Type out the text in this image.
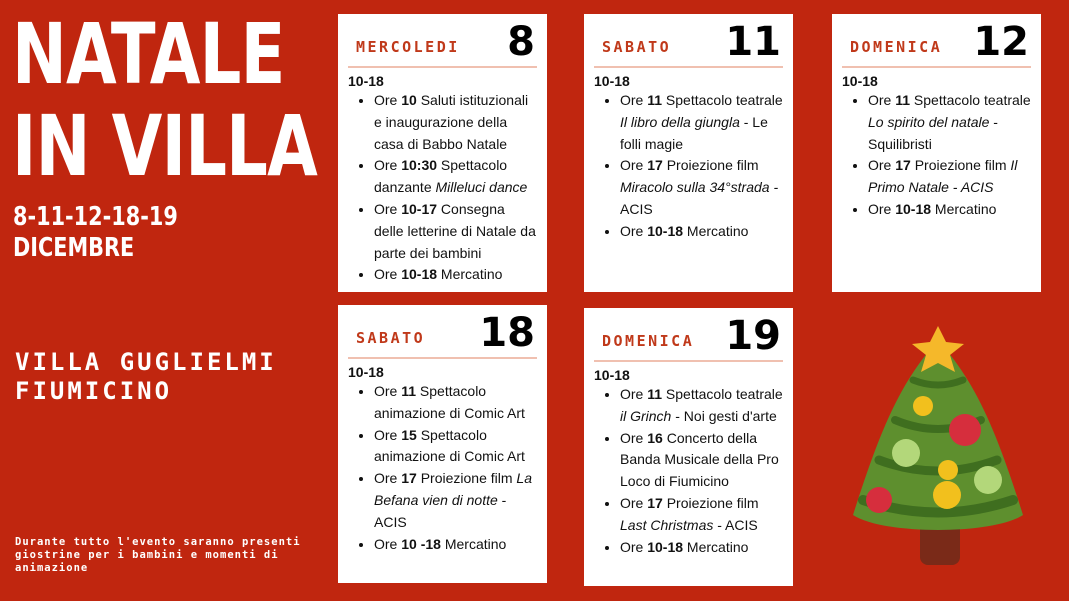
NATALE
IN VILLA
8-11-12-18-19
DICEMBRE
VILLA GUGLIELMI
FIUMICINO
Durante tutto l'evento saranno presenti giostrine per i bambini e momenti di animazione
MERCOLEDI 8
10-18
• Ore 10 Saluti istituzionali e inaugurazione della casa di Babbo Natale
• Ore 10:30 Spettacolo danzante Milleluci dance
• Ore 10-17 Consegna delle letterine di Natale da parte dei bambini
• Ore 10-18 Mercatino
SABATO 11
10-18
• Ore 11 Spettacolo teatrale Il libro della giungla - Le folli magie
• Ore 17 Proiezione film Miracolo sulla 34°strada - ACIS
• Ore 10-18 Mercatino
DOMENICA 12
10-18
• Ore 11 Spettacolo teatrale Lo spirito del natale - Squilibristi
• Ore 17 Proiezione film Il Primo Natale - ACIS
• Ore 10-18 Mercatino
SABATO 18
10-18
• Ore 11 Spettacolo animazione di Comic Art
• Ore 15 Spettacolo animazione di Comic Art
• Ore 17 Proiezione film La Befana vien di notte -ACIS
• Ore 10 -18 Mercatino
DOMENICA 19
10-18
• Ore 11 Spettacolo teatrale il Grinch - Noi gesti d'arte
• Ore 16 Concerto della Banda Musicale della Pro Loco di Fiumicino
• Ore 17 Proiezione film Last Christmas - ACIS
• Ore 10-18 Mercatino
